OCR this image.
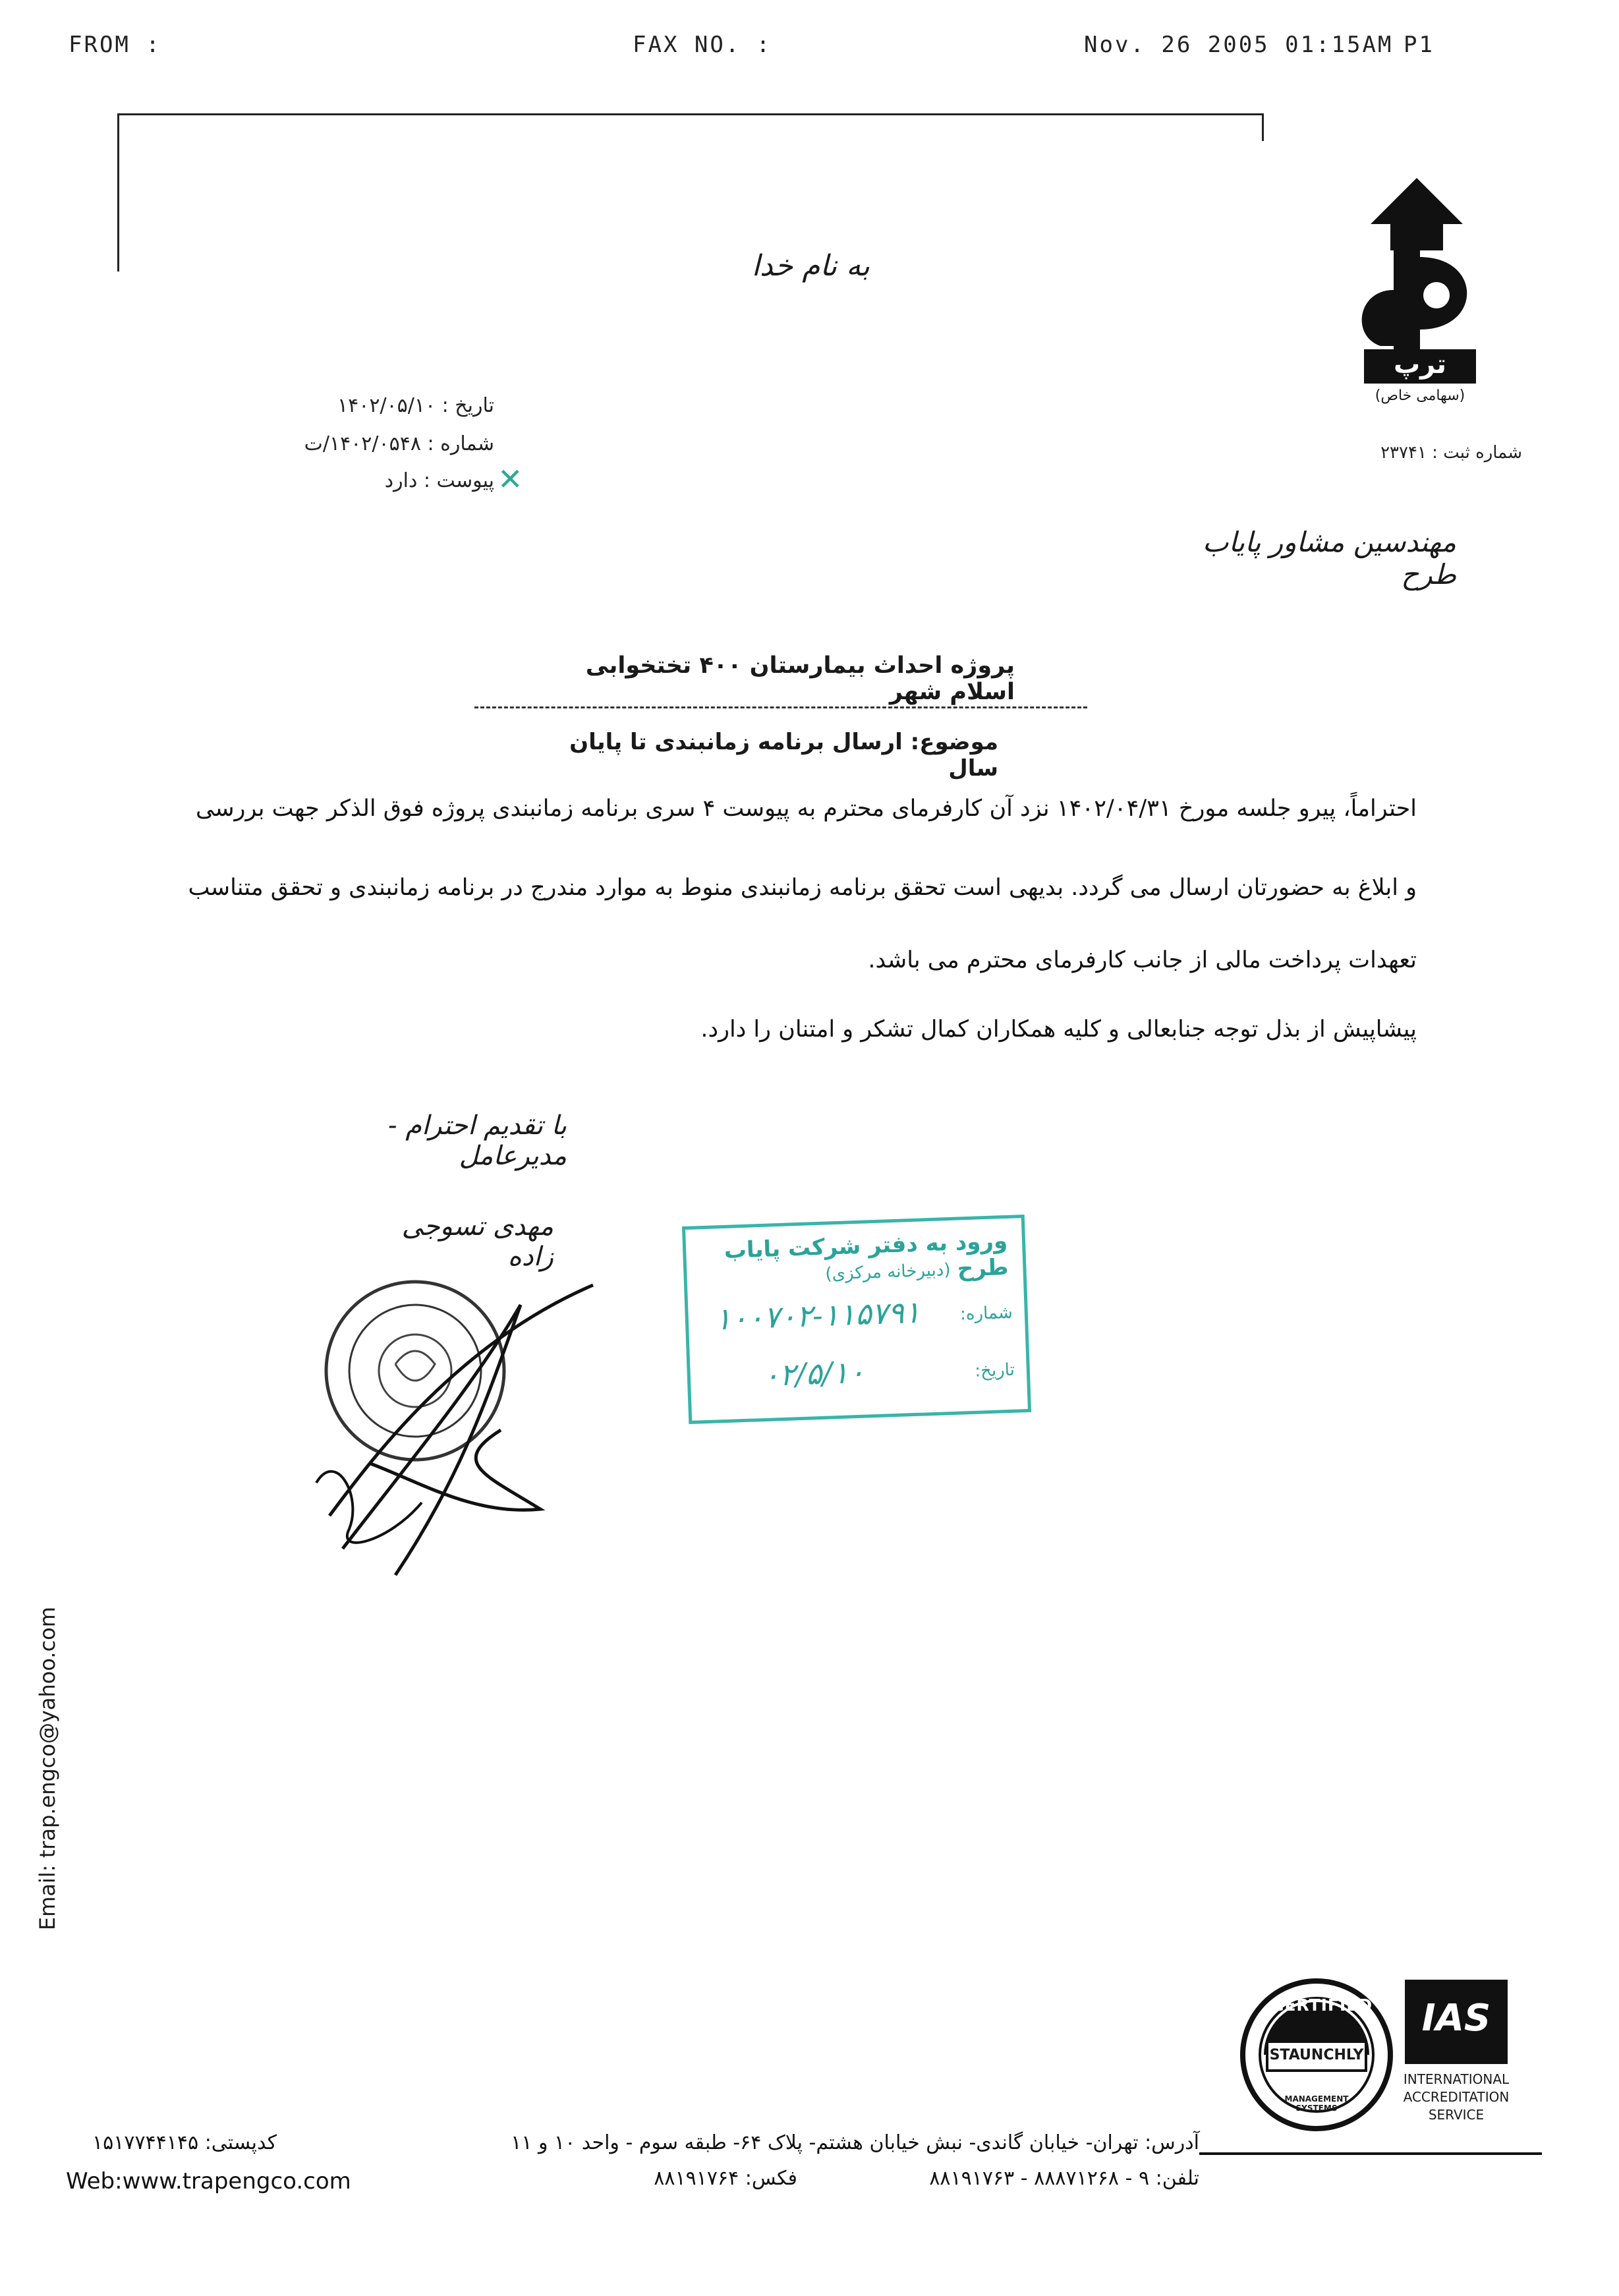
FROM :	FAX NO. :	Nov. 26 2005 01:15AM P1
ترپ
(سهامی خاص)
شماره ثبت : ۲۳۷۴۱
به نام خدا
تاریخ : ۱۴۰۲/۰۵/۱۰
شماره : ۱۴۰۲/۰۵۴۸/ت
پیوست : دارد ✕
مهندسین مشاور پایاب طرح
پروژه احداث بیمارستان ۴۰۰ تختخوابی اسلام شهر
موضوع: ارسال برنامه زمانبندی تا پایان سال
احتراماً، پیرو جلسه مورخ ۱۴۰۲/۰۴/۳۱ نزد آن کارفرمای محترم به پیوست ۴ سری برنامه زمانبندی پروژه فوق الذکر جهت بررسی
و ابلاغ به حضورتان ارسال می گردد. بدیهی است تحقق برنامه زمانبندی منوط به موارد مندرج در برنامه زمانبندی و تحقق متناسب
تعهدات پرداخت مالی از جانب کارفرمای محترم می باشد.
پیشاپیش از بذل توجه جنابعالی و کلیه همکاران کمال تشکر و امتنان را دارد.
با تقدیم احترام - مدیرعامل
مهدی تسوجی زاده	ورود به دفتر شرکت پایاب طرح
(دبیرخانه مرکزی)
شماره:
۱۰۰۷۰۲-۱۱۵۷۹۱
تاریخ:
۰۲/۵/۱۰
Email: trap.engco@yahoo.com
CERTIFIED
STAUNCHLY
MANAGEMENT SYSTEMS
IAS
INTERNATIONAL
ACCREDITATION
SERVICE
کدپستی: ۱۵۱۷۷۴۴۱۴۵
Web:www.trapengco.com
آدرس: تهران- خیابان گاندی- نبش خیابان هشتم- پلاک ۶۴- طبقه سوم - واحد ۱۰ و ۱۱
تلفن: ۹ - ۸۸۸۷۱۲۶۸ - ۸۸۱۹۱۷۶۳
فکس: ۸۸۱۹۱۷۶۴
